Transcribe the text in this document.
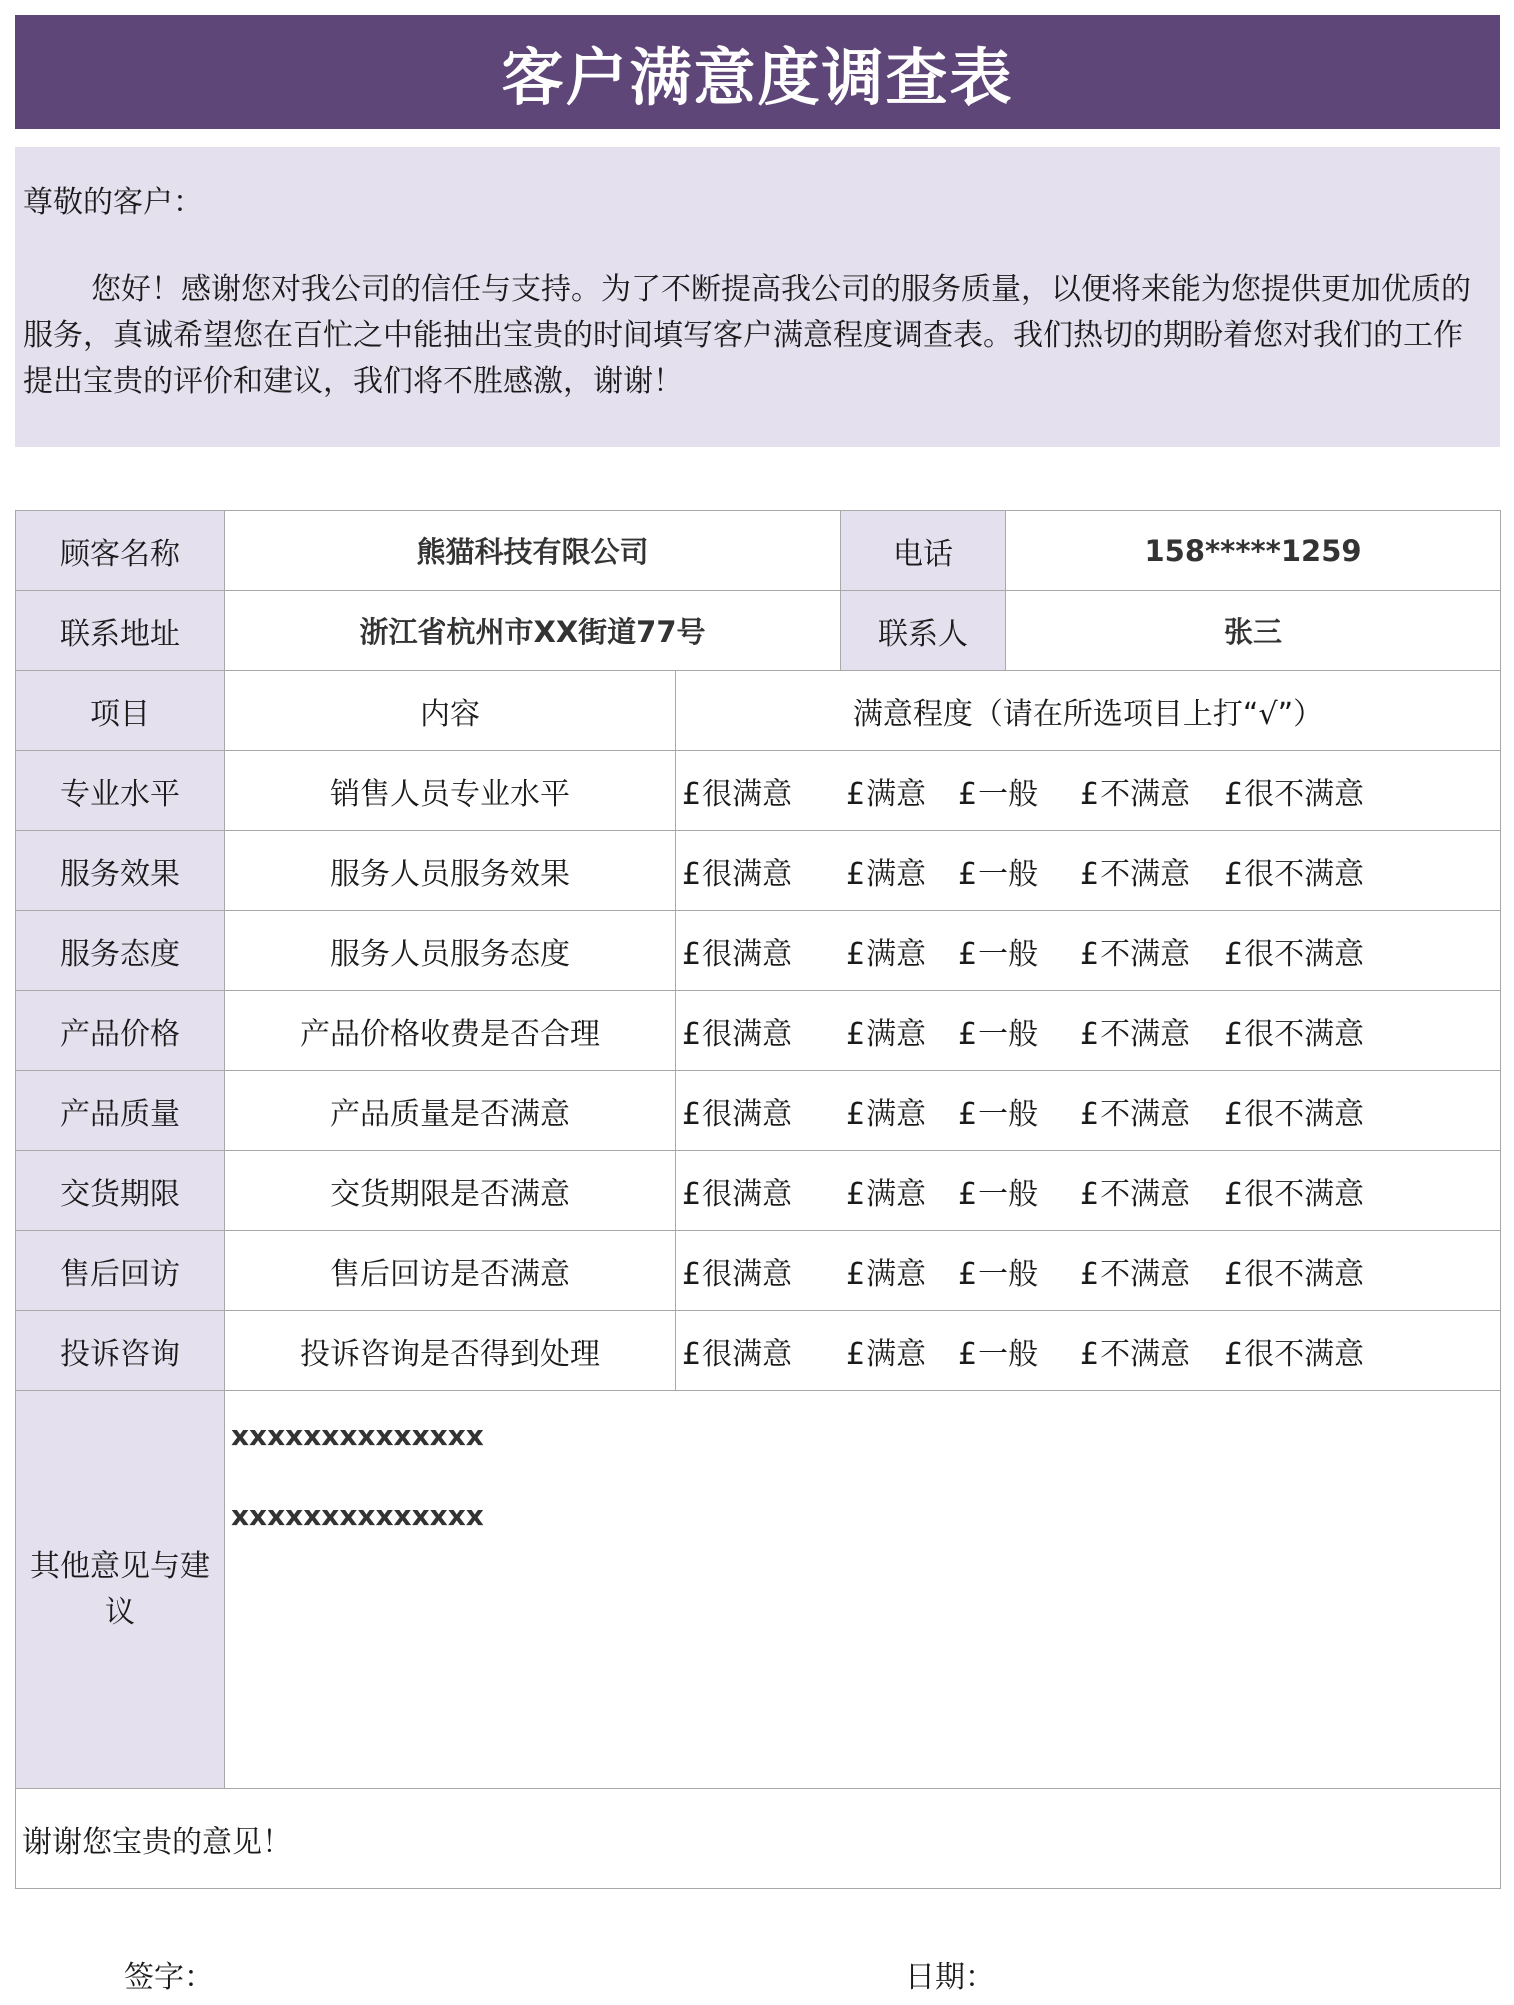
客户满意度调查表
尊敬的客户：
您好！感谢您对我公司的信任与支持。为了不断提高我公司的服务质量，以便将来能为您提供更加优质的服务，真诚希望您在百忙之中能抽出宝贵的时间填写客户满意程度调查表。我们热切的期盼着您对我们的工作提出宝贵的评价和建议，我们将不胜感激，谢谢！
顾客名称	熊猫科技有限公司		电话	158*****1259
联系地址	浙江省杭州市XX街道77号		联系人	张三
项目	内容	满意程度（请在所选项目上打“√”）		
专业水平	销售人员专业水平	£很满意 £满意 £一般 £不满意 £很不满意		
服务效果	服务人员服务效果	£很满意 £满意 £一般 £不满意 £很不满意		
服务态度	服务人员服务态度	£很满意 £满意 £一般 £不满意 £很不满意		
产品价格	产品价格收费是否合理	£很满意 £满意 £一般 £不满意 £很不满意		
产品质量	产品质量是否满意	£很满意 £满意 £一般 £不满意 £很不满意		
交货期限	交货期限是否满意	£很满意 £满意 £一般 £不满意 £很不满意		
售后回访	售后回访是否满意	£很满意 £满意 £一般 £不满意 £很不满意		
投诉咨询	投诉咨询是否得到处理	£很满意 £满意 £一般 £不满意 £很不满意		
其他意见与建议	xxxxxxxxxxxxxx
xxxxxxxxxxxxxx			

谢谢您宝贵的意见！				
签字：	日期：
